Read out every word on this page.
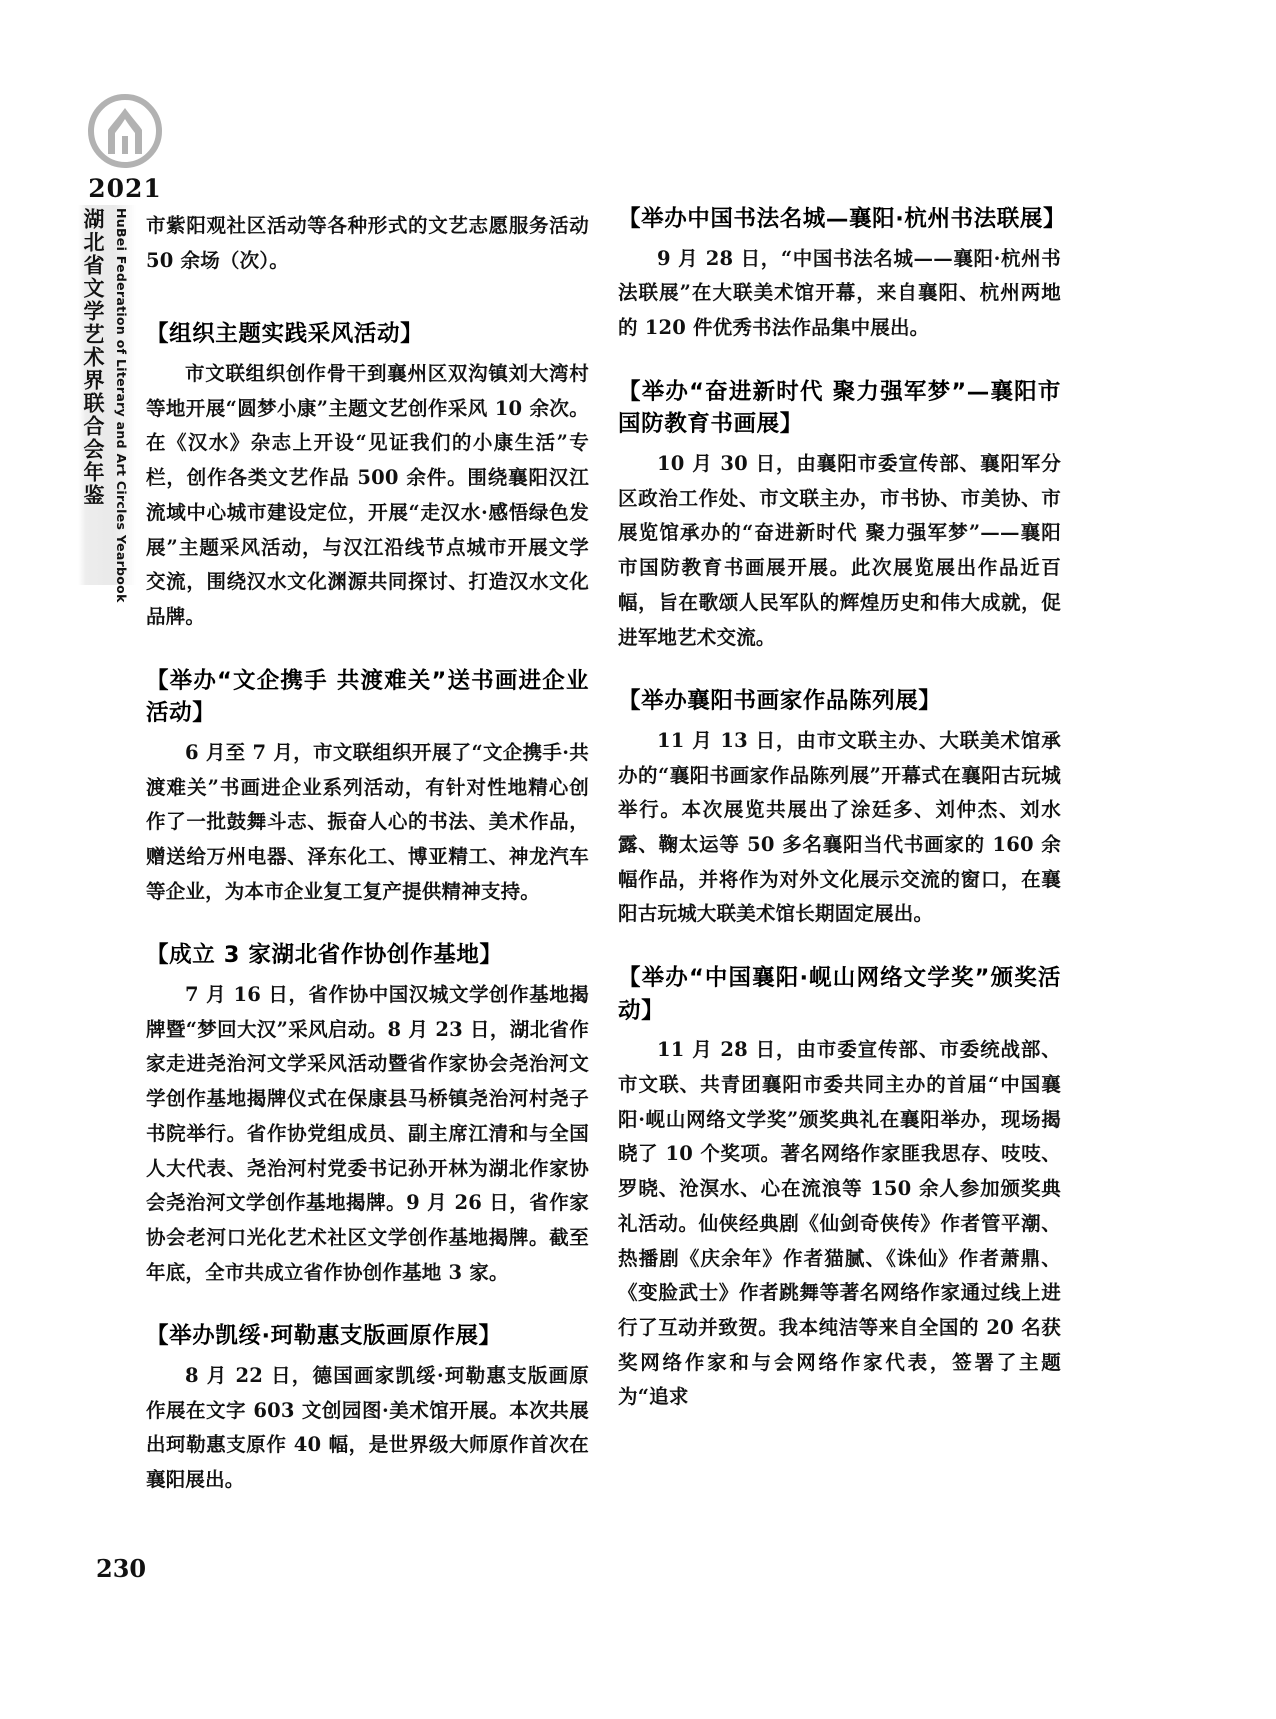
2021
湖北省文学艺术界联合会年鉴 HuBei Federation of Literary and Art Circles Yearbook 市紫阳观社区活动等各种形式的文艺志愿服务活动 50 余场（次）。

【组织主题实践采风活动】

市文联组织创作骨干到襄州区双沟镇刘大湾村等地开展“圆梦小康”主题文艺创作采风 10 余次。在《汉水》杂志上开设“见证我们的小康生活”专栏，创作各类文艺作品 500 余件。围绕襄阳汉江流域中心城市建设定位，开展“走汉水·感悟绿色发展”主题采风活动，与汉江沿线节点城市开展文学交流，围绕汉水文化渊源共同探讨、打造汉水文化品牌。

【举办“文企携手 共渡难关”送书画进企业活动】

6 月至 7 月，市文联组织开展了“文企携手·共渡难关”书画进企业系列活动，有针对性地精心创作了一批鼓舞斗志、振奋人心的书法、美术作品，赠送给万州电器、泽东化工、博亚精工、神龙汽车等企业，为本市企业复工复产提供精神支持。

【成立 3 家湖北省作协创作基地】

7 月 16 日，省作协中国汉城文学创作基地揭牌暨“梦回大汉”采风启动。8 月 23 日，湖北省作家走进尧治河文学采风活动暨省作家协会尧治河文学创作基地揭牌仪式在保康县马桥镇尧治河村尧子书院举行。省作协党组成员、副主席江清和与全国人大代表、尧治河村党委书记孙开林为湖北作家协会尧治河文学创作基地揭牌。9 月 26 日，省作家协会老河口光化艺术社区文学创作基地揭牌。截至年底，全市共成立省作协创作基地 3 家。

【举办凯绥·珂勒惠支版画原作展】

8 月 22 日，德国画家凯绥·珂勒惠支版画原作展在文字 603 文创园图·美术馆开展。本次共展出珂勒惠支原作 40 幅，是世界级大师原作首次在襄阳展出。

【举办中国书法名城—襄阳·杭州书法联展】

9 月 28 日，“中国书法名城——襄阳·杭州书法联展”在大联美术馆开幕，来自襄阳、杭州两地的 120 件优秀书法作品集中展出。

【举办“奋进新时代 聚力强军梦”—襄阳市国防教育书画展】

10 月 30 日，由襄阳市委宣传部、襄阳军分区政治工作处、市文联主办，市书协、市美协、市展览馆承办的“奋进新时代 聚力强军梦”——襄阳市国防教育书画展开展。此次展览展出作品近百幅，旨在歌颂人民军队的辉煌历史和伟大成就，促进军地艺术交流。

【举办襄阳书画家作品陈列展】

11 月 13 日，由市文联主办、大联美术馆承办的“襄阳书画家作品陈列展”开幕式在襄阳古玩城举行。本次展览共展出了涂廷多、刘仲杰、刘水露、鞠太运等 50 多名襄阳当代书画家的 160 余幅作品，并将作为对外文化展示交流的窗口，在襄阳古玩城大联美术馆长期固定展出。

【举办“中国襄阳·岘山网络文学奖”颁奖活动】

11 月 28 日，由市委宣传部、市委统战部、市文联、共青团襄阳市委共同主办的首届“中国襄阳·岘山网络文学奖”颁奖典礼在襄阳举办，现场揭晓了 10 个奖项。著名网络作家匪我思存、吱吱、罗晓、沧溟水、心在流浪等 150 余人参加颁奖典礼活动。仙侠经典剧《仙剑奇侠传》作者管平潮、热播剧《庆余年》作者猫腻、《诛仙》作者萧鼎、《变脸武士》作者跳舞等著名网络作家通过线上进行了互动并致贺。我本纯洁等来自全国的 20 名获奖网络作家和与会网络作家代表，签署了主题为“追求

230
